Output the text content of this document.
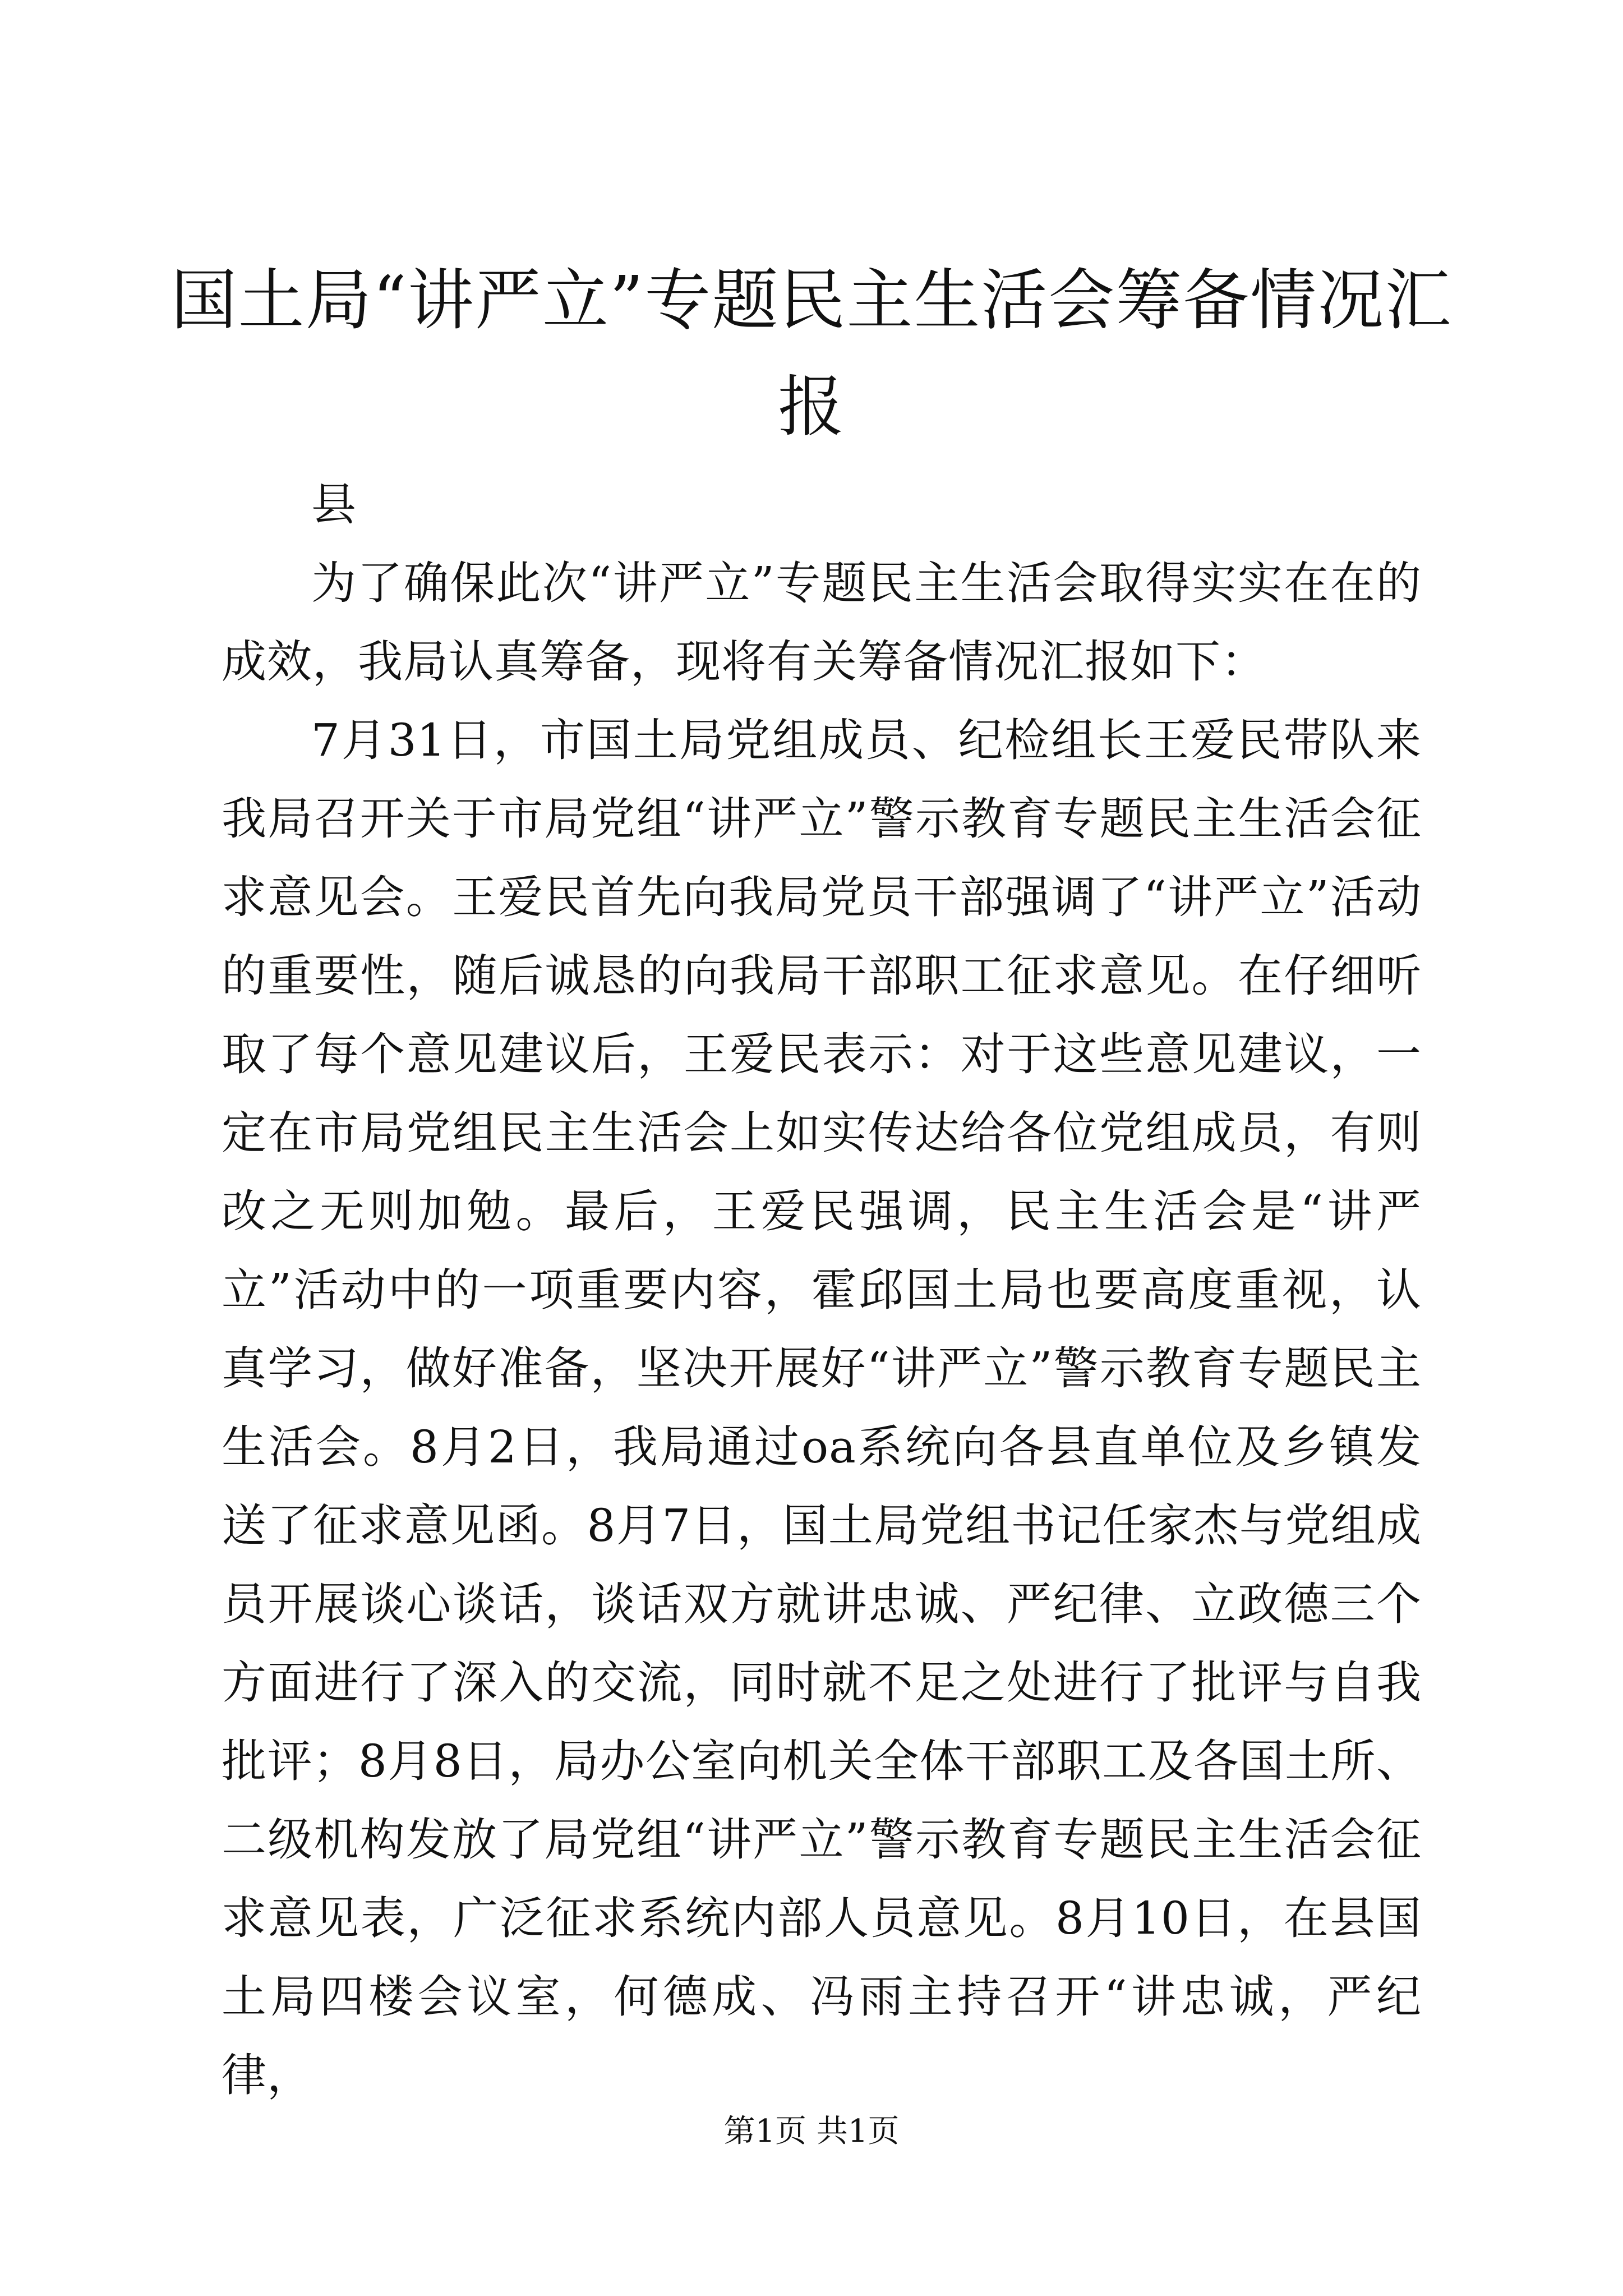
国土局“讲严立”专题民主生活会筹备情况汇报

县

为了确保此次“讲严立”专题民主生活会取得实实在在的成效，我局认真筹备，现将有关筹备情况汇报如下：

7月31日，市国土局党组成员、纪检组长王爱民带队来我局召开关于市局党组“讲严立”警示教育专题民主生活会征求意见会。王爱民首先向我局党员干部强调了“讲严立”活动的重要性，随后诚恳的向我局干部职工征求意见。在仔细听取了每个意见建议后，王爱民表示：对于这些意见建议，一定在市局党组民主生活会上如实传达给各位党组成员，有则改之无则加勉。最后，王爱民强调，民主生活会是“讲严立”活动中的一项重要内容，霍邱国土局也要高度重视，认真学习，做好准备，坚决开展好“讲严立”警示教育专题民主生活会。8月2日，我局通过oa系统向各县直单位及乡镇发送了征求意见函。8月7日，国土局党组书记任家杰与党组成员开展谈心谈话，谈话双方就讲忠诚、严纪律、立政德三个方面进行了深入的交流，同时就不足之处进行了批评与自我批评；8月8日，局办公室向机关全体干部职工及各国土所、二级机构发放了局党组“讲严立”警示教育专题民主生活会征求意见表，广泛征求系统内部人员意见。8月10日，在县国土局四楼会议室，何德成、冯雨主持召开“讲忠诚，严纪律，

第1页 共1页
